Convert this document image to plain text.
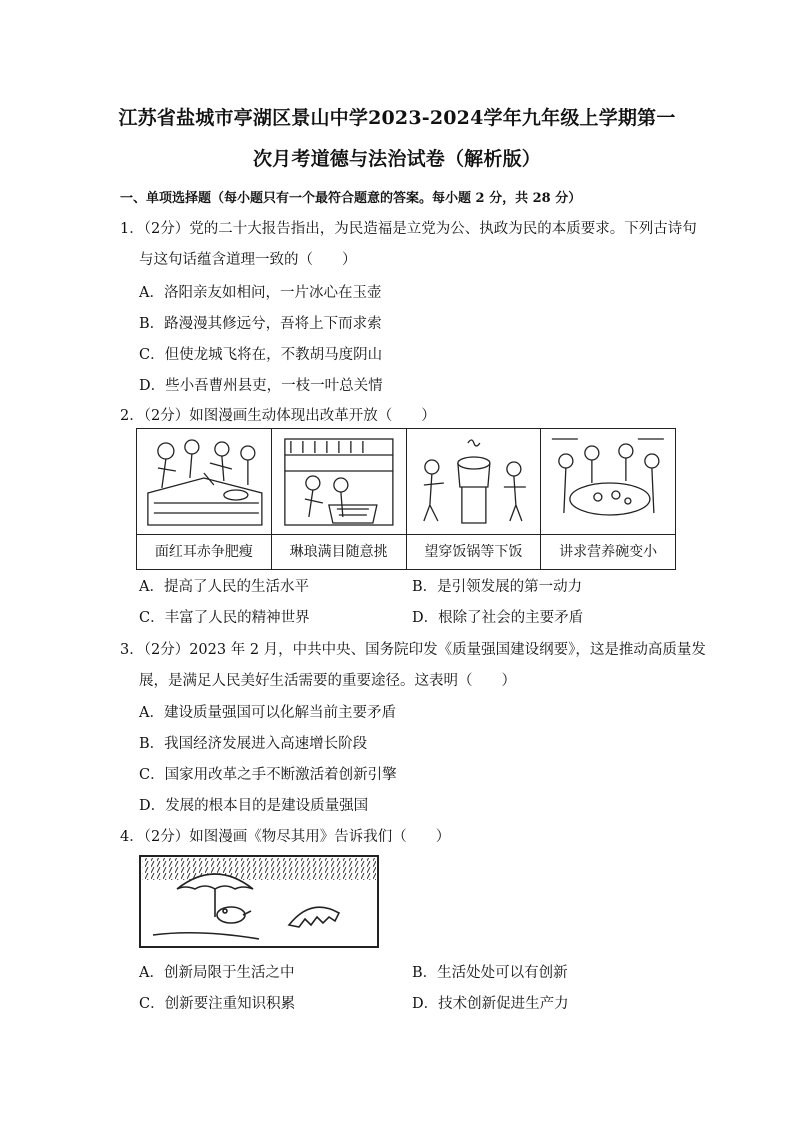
江苏省盐城市亭湖区景山中学2023-2024学年九年级上学期第一
次月考道德与法治试卷（解析版）
一、单项选择题（每小题只有一个最符合题意的答案。每小题 2 分，共 28 分）
1．（2分）党的二十大报告指出，为民造福是立党为公、执政为民的本质要求。下列古诗句
与这句话蕴含道理一致的（　　）
A．洛阳亲友如相问，一片冰心在玉壶
B．路漫漫其修远兮，吾将上下而求索
C．但使龙城飞将在，不教胡马度阴山
D．些小吾曹州县吏，一枝一叶总关情
2．（2分）如图漫画生动体现出改革开放（　　）
面红耳赤争肥瘦	琳琅满目随意挑	望穿饭锅等下饭	讲求营养碗变小
A．提高了人民的生活水平	B．是引领发展的第一动力
C．丰富了人民的精神世界	D．根除了社会的主要矛盾
3．（2分）2023 年 2 月，中共中央、国务院印发《质量强国建设纲要》，这是推动高质量发
展，是满足人民美好生活需要的重要途径。这表明（　　）
A．建设质量强国可以化解当前主要矛盾
B．我国经济发展进入高速增长阶段
C．国家用改革之手不断激活着创新引擎
D．发展的根本目的是建设质量强国
4．（2分）如图漫画《物尽其用》告诉我们（　　）
A．创新局限于生活之中	B．生活处处可以有创新
C．创新要注重知识积累	D．技术创新促进生产力
